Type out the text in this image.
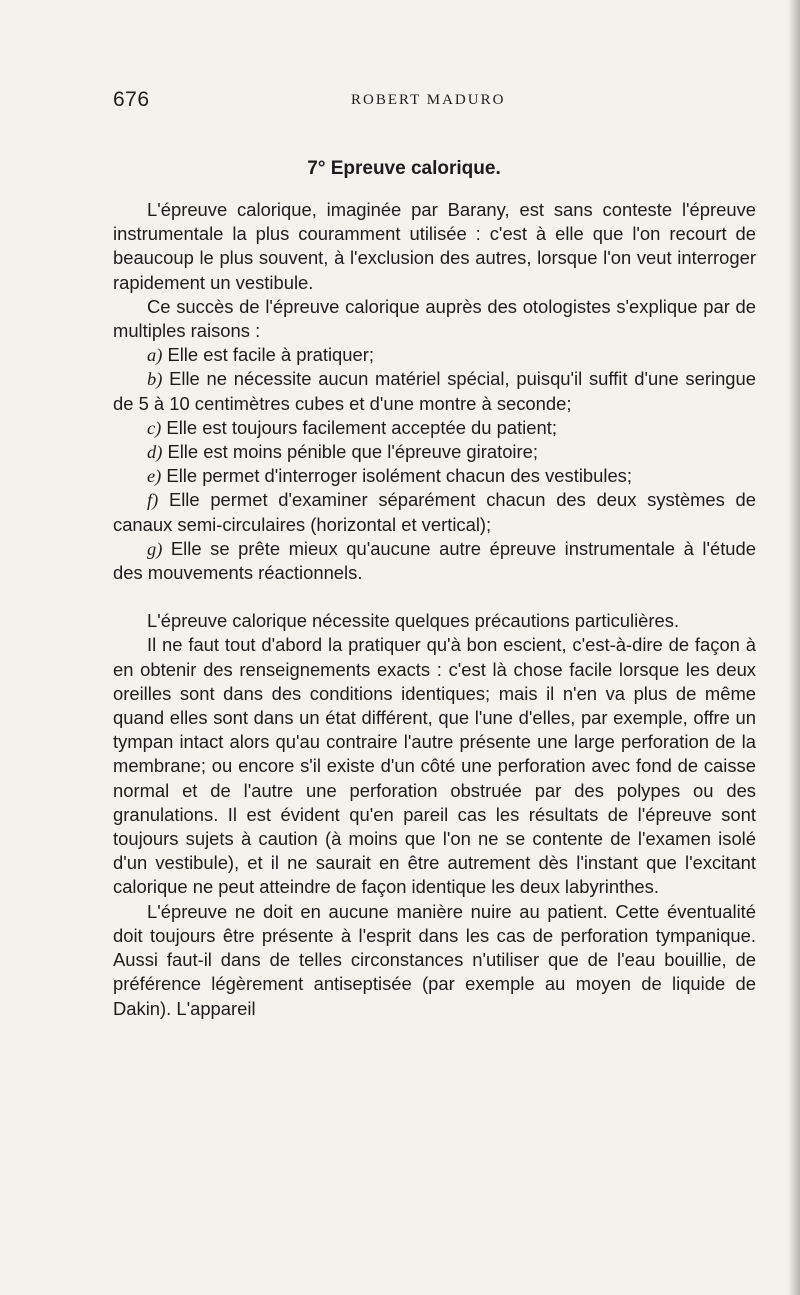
676	ROBERT MADURO
7° Epreuve calorique.

L'épreuve calorique, imaginée par Barany, est sans conteste l'épreuve instrumentale la plus couramment utilisée : c'est à elle que l'on recourt de beaucoup le plus souvent, à l'exclusion des autres, lorsque l'on veut interroger rapidement un vestibule.

Ce succès de l'épreuve calorique auprès des otologistes s'explique par de multiples raisons :

a) Elle est facile à pratiquer;

b) Elle ne nécessite aucun matériel spécial, puisqu'il suffit d'une seringue de 5 à 10 centimètres cubes et d'une montre à seconde;

c) Elle est toujours facilement acceptée du patient;

d) Elle est moins pénible que l'épreuve giratoire;

e) Elle permet d'interroger isolément chacun des vestibules;

f) Elle permet d'examiner séparément chacun des deux systèmes de canaux semi-circulaires (horizontal et vertical);

g) Elle se prête mieux qu'aucune autre épreuve instrumentale à l'étude des mouvements réactionnels.

L'épreuve calorique nécessite quelques précautions particulières.

Il ne faut tout d'abord la pratiquer qu'à bon escient, c'est-à-dire de façon à en obtenir des renseignements exacts : c'est là chose facile lorsque les deux oreilles sont dans des conditions identiques; mais il n'en va plus de même quand elles sont dans un état différent, que l'une d'elles, par exemple, offre un tympan intact alors qu'au contraire l'autre présente une large perforation de la membrane; ou encore s'il existe d'un côté une perforation avec fond de caisse normal et de l'autre une perforation obstruée par des polypes ou des granulations. Il est évident qu'en pareil cas les résultats de l'épreuve sont toujours sujets à caution (à moins que l'on ne se contente de l'examen isolé d'un vestibule), et il ne saurait en être autrement dès l'instant que l'excitant calorique ne peut atteindre de façon identique les deux labyrinthes.

L'épreuve ne doit en aucune manière nuire au patient. Cette éventualité doit toujours être présente à l'esprit dans les cas de perforation tympanique. Aussi faut-il dans de telles circonstances n'utiliser que de l'eau bouillie, de préférence légèrement antiseptisée (par exemple au moyen de liquide de Dakin). L'appareil
